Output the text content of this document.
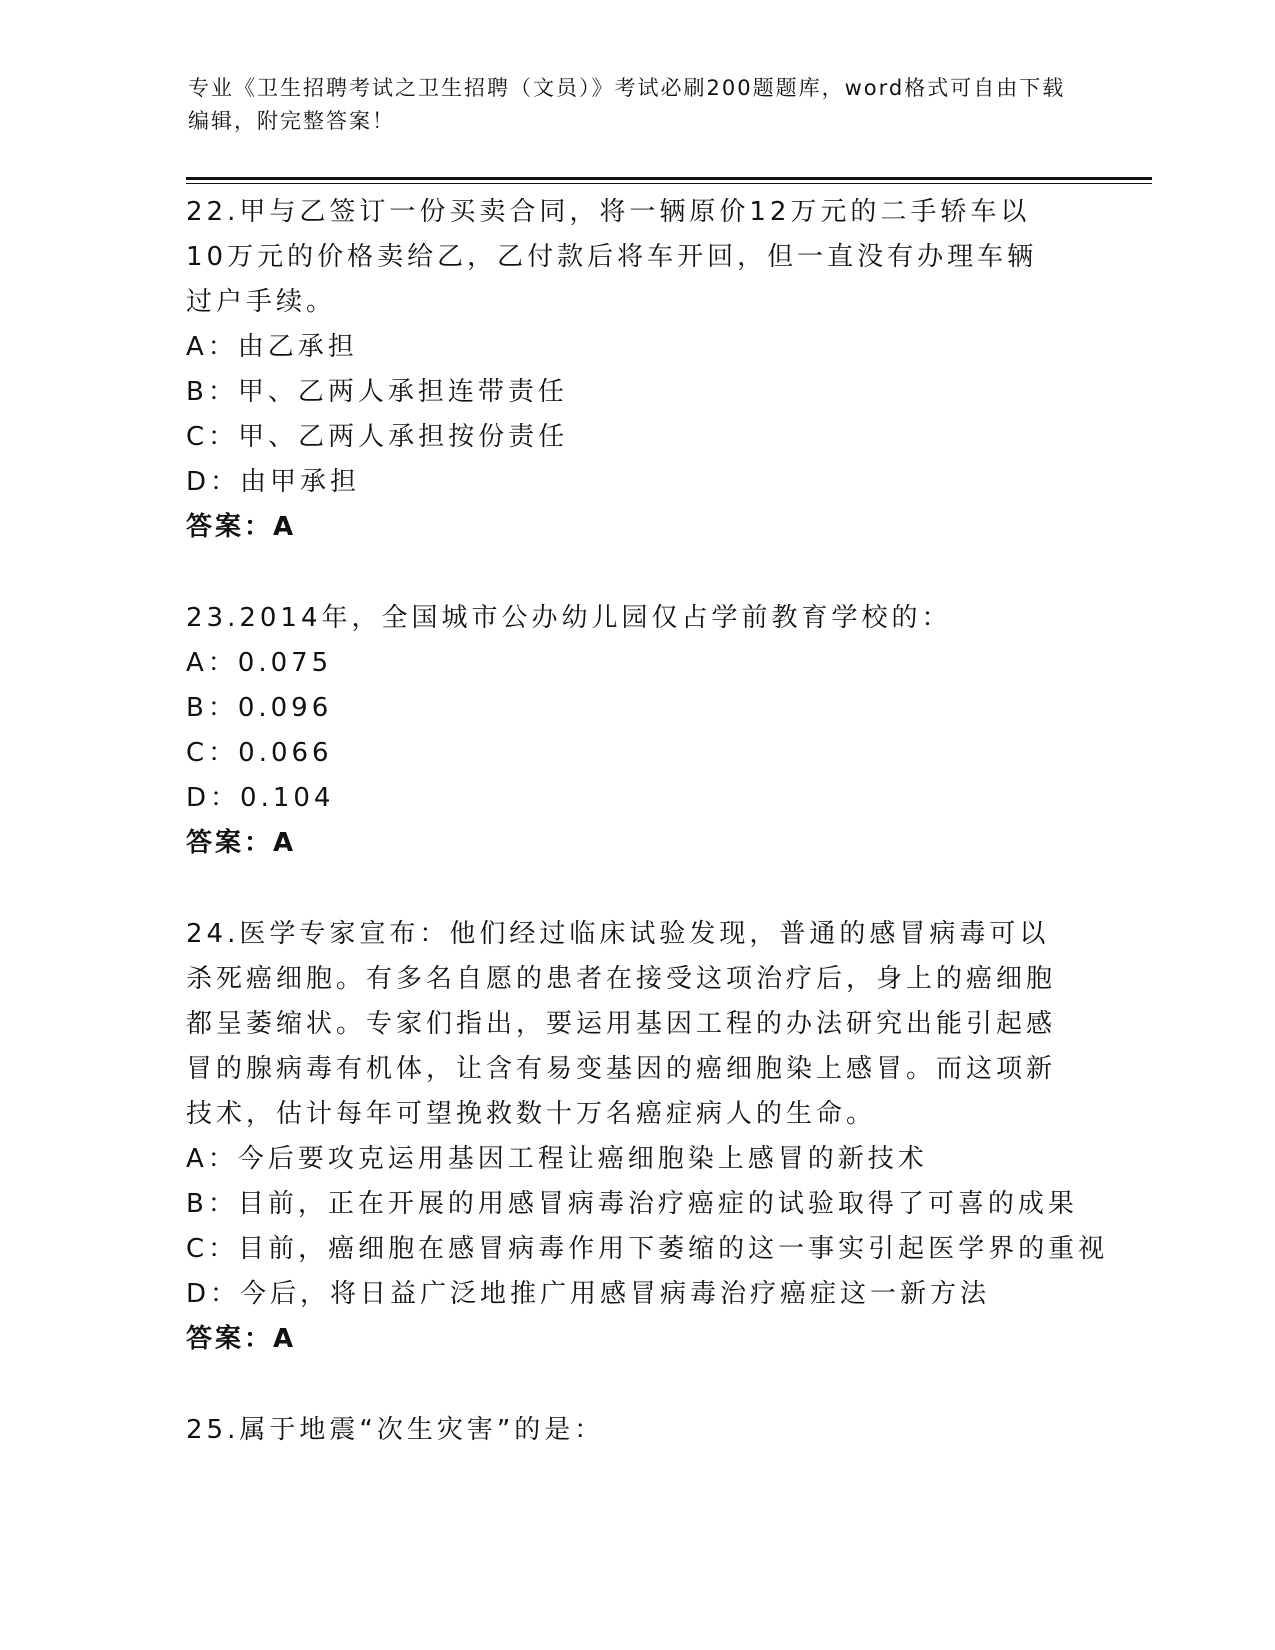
专业《卫生招聘考试之卫生招聘（文员）》考试必刷200题题库，word格式可自由下载编辑，附完整答案！
22.甲与乙签订一份买卖合同，将一辆原价12万元的二手轿车以10万元的价格卖给乙，乙付款后将车开回，但一直没有办理车辆过户手续。
A：由乙承担
B：甲、乙两人承担连带责任
C：甲、乙两人承担按份责任
D：由甲承担
答案：A
23.2014年，全国城市公办幼儿园仅占学前教育学校的：
A：0.075
B：0.096
C：0.066
D：0.104
答案：A
24.医学专家宣布：他们经过临床试验发现，普通的感冒病毒可以杀死癌细胞。有多名自愿的患者在接受这项治疗后，身上的癌细胞都呈萎缩状。专家们指出，要运用基因工程的办法研究出能引起感冒的腺病毒有机体，让含有易变基因的癌细胞染上感冒。而这项新技术，估计每年可望挽救数十万名癌症病人的生命。
A：今后要攻克运用基因工程让癌细胞染上感冒的新技术
B：目前，正在开展的用感冒病毒治疗癌症的试验取得了可喜的成果
C：目前，癌细胞在感冒病毒作用下萎缩的这一事实引起医学界的重视
D：今后，将日益广泛地推广用感冒病毒治疗癌症这一新方法
答案：A
25.属于地震“次生灾害”的是：
